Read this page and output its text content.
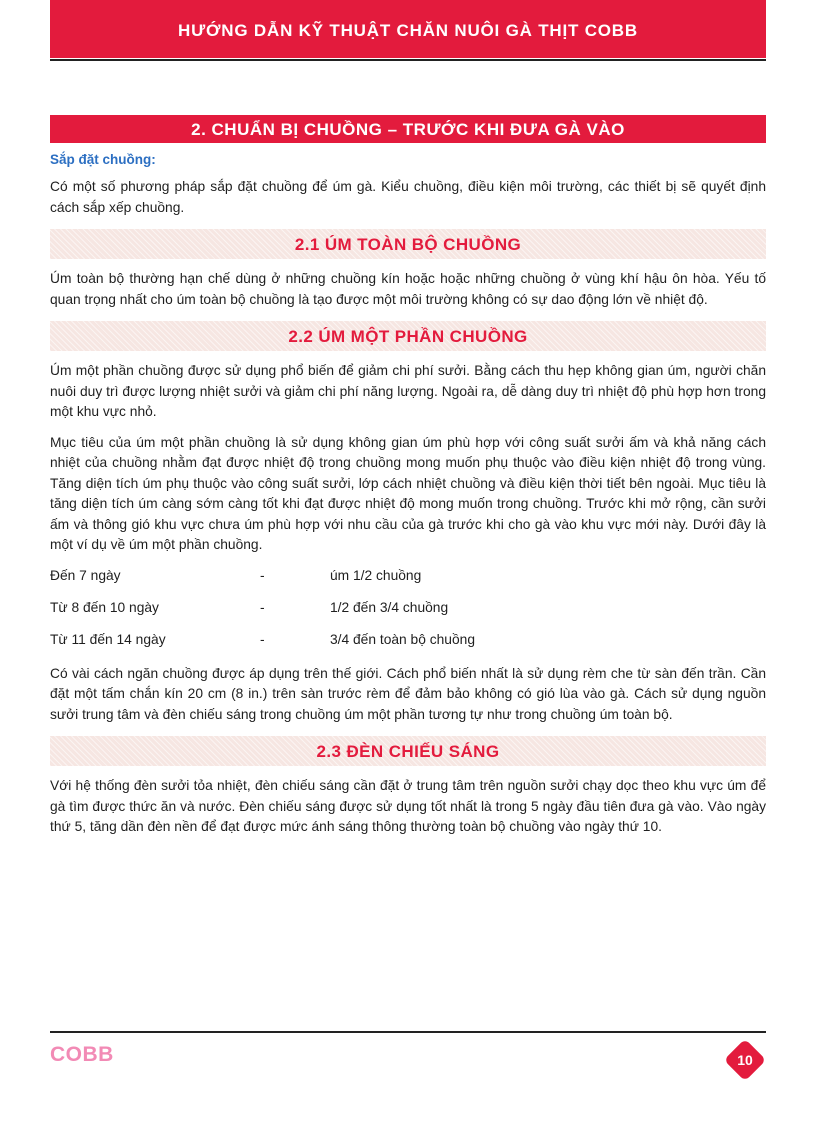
HƯỚNG DẪN KỸ THUẬT CHĂN NUÔI GÀ THỊT COBB
2. CHUẨN BỊ CHUỒNG – TRƯỚC KHI ĐƯA GÀ VÀO
Sắp đặt chuồng:

Có một số phương pháp sắp đặt chuồng để úm gà. Kiểu chuồng, điều kiện môi trường, các thiết bị sẽ quyết định cách sắp xếp chuồng.

2.1 ÚM TOÀN BỘ CHUỒNG

Úm toàn bộ thường hạn chế dùng ở những chuồng kín hoặc hoặc những chuồng ở vùng khí hậu ôn hòa. Yếu tố quan trọng nhất cho úm toàn bộ chuồng là tạo được một môi trường không có sự dao động lớn về nhiệt độ.

2.2 ÚM MỘT PHẦN CHUỒNG

Úm một phần chuồng được sử dụng phổ biến để giảm chi phí sưởi. Bằng cách thu hẹp không gian úm, người chăn nuôi duy trì được lượng nhiệt sưởi và giảm chi phí năng lượng. Ngoài ra, dễ dàng duy trì nhiệt độ phù hợp hơn trong một khu vực nhỏ.

Mục tiêu của úm một phần chuồng là sử dụng không gian úm phù hợp với công suất sưởi ấm và khả năng cách nhiệt của chuồng nhằm đạt được nhiệt độ trong chuồng mong muốn phụ thuộc vào điều kiện nhiệt độ trong vùng. Tăng diện tích úm phụ thuộc vào công suất sưởi, lớp cách nhiệt chuồng và điều kiện thời tiết bên ngoài. Mục tiêu là tăng diện tích úm càng sớm càng tốt khi đạt được nhiệt độ mong muốn trong chuồng. Trước khi mở rộng, cần sưởi ấm và thông gió khu vực chưa úm phù hợp với nhu cầu của gà trước khi cho gà vào khu vực mới này. Dưới đây là một ví dụ về úm một phần chuồng.

Đến 7 ngày	-	úm 1/2 chuồng
Từ 8 đến 10 ngày	-	1/2 đến 3/4 chuồng
Từ 11 đến 14 ngày	-	3/4 đến toàn bộ chuồng

Có vài cách ngăn chuồng được áp dụng trên thế giới. Cách phổ biến nhất là sử dụng rèm che từ sàn đến trần. Cần đặt một tấm chắn kín 20 cm (8 in.) trên sàn trước rèm để đảm bảo không có gió lùa vào gà. Cách sử dụng nguồn sưởi trung tâm và đèn chiếu sáng trong chuồng úm một phần tương tự như trong chuồng úm toàn bộ.

2.3 ĐÈN CHIẾU SÁNG

Với hệ thống đèn sưởi tỏa nhiệt, đèn chiếu sáng cần đặt ở trung tâm trên nguồn sưởi chạy dọc theo khu vực úm để gà tìm được thức ăn và nước. Đèn chiếu sáng được sử dụng tốt nhất là trong 5 ngày đầu tiên đưa gà vào. Vào ngày thứ 5, tăng dần đèn nền để đạt được mức ánh sáng thông thường toàn bộ chuồng vào ngày thứ 10.

COBB	10
